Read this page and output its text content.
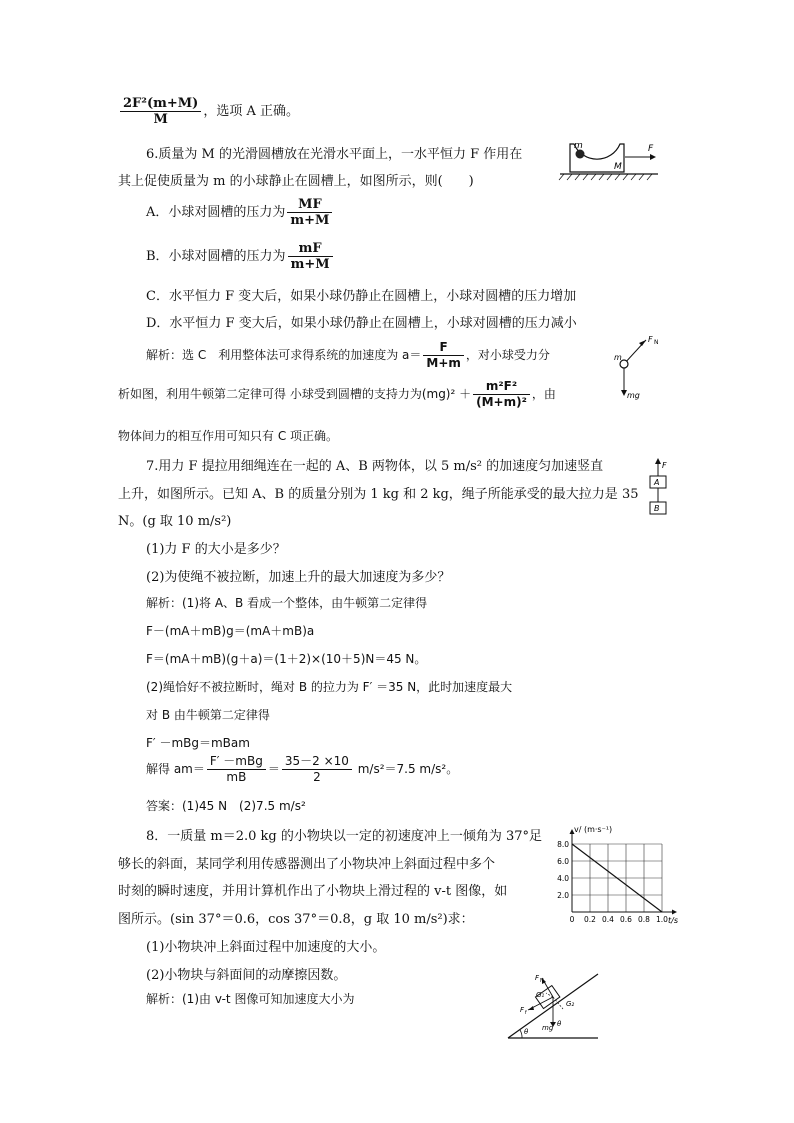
$\frac{\text{2F²(m+M)}}{M}$ ，选项 A 正确。
6.质量为 M 的光滑圆槽放在光滑水平面上，一水平恒力 F 作用在
其上促使质量为 m 的小球静止在圆槽上，如图所示，则(　　)
m
M
F
A．小球对圆槽的压力为 $\frac{MF}{m+M}$
B．小球对圆槽的压力为 $\frac{mF}{m+M}$
C．水平恒力 F 变大后，如果小球仍静止在圆槽上，小球对圆槽的压力增加
D．水平恒力 F 变大后，如果小球仍静止在圆槽上，小球对圆槽的压力减小
解析：选 C　利用整体法可求得系统的加速度为 $a= \frac{F}{M+m}$ ，对小球受力分
F N
m
mg
析如图，利用牛顿第二定律可得 小球受到圆槽的支持力为$(mg)^2 + \frac{\text{m²F²}}{\text{(M+m)²}}$ ，由
物体间力的相互作用可知只有 C 项正确。
7.用力 F 提拉用细绳连在一起的 A、B 两物体，以 5 m/s² 的加速度匀加速竖直
上升，如图所示。已知 A、B 的质量分别为 1 kg 和 2 kg，绳子所能承受的最大拉力是 35
N。(g 取 10 m/s²)
F
A
B
(1)力 F 的大小是多少？
(2)为使绳不被拉断，加速上升的最大加速度为多少？
解析：(1)将 A、B 看成一个整体，由牛顿第二定律得
F－(mA＋mB)g＝(mA＋mB)a
F＝(mA＋mB)(g＋a)＝(1＋2)×(10＋5)N＝45 N。
(2)绳恰好不被拉断时，绳对 B 的拉力为 F′ ＝35 N，此时加速度最大
对 B 由牛顿第二定律得
F′ －mBg＝mBam
解得 $am= \frac{\text{F′ －mBg}}{mB} = \frac{35-2 \times 10}{2} m/s^2=7.5$ m/s²。
答案：(1)45 N　(2)7.5 m/s²
8．一质量 m＝2.0 kg 的小物块以一定的初速度冲上一倾角为 37°足
够长的斜面，某同学利用传感器测出了小物块冲上斜面过程中多个
时刻的瞬时速度，并用计算机作出了小物块上滑过程的 v-t 图像，如
图所示。(sin 37°＝0.6，cos 37°＝0.8，g 取 10 m/s²)求：
(1)小物块冲上斜面过程中加速度的大小。
(2)小物块与斜面间的动摩擦因数。
解析：(1)由 v-t 图像可知加速度大小为
0 0.2 0.4 0.6 0.8 1.0
2.0
4.0
6.0
8.0
v/ (m·s⁻¹)
t/s
θ
F N
G₁
G₂
F f
mg θ
